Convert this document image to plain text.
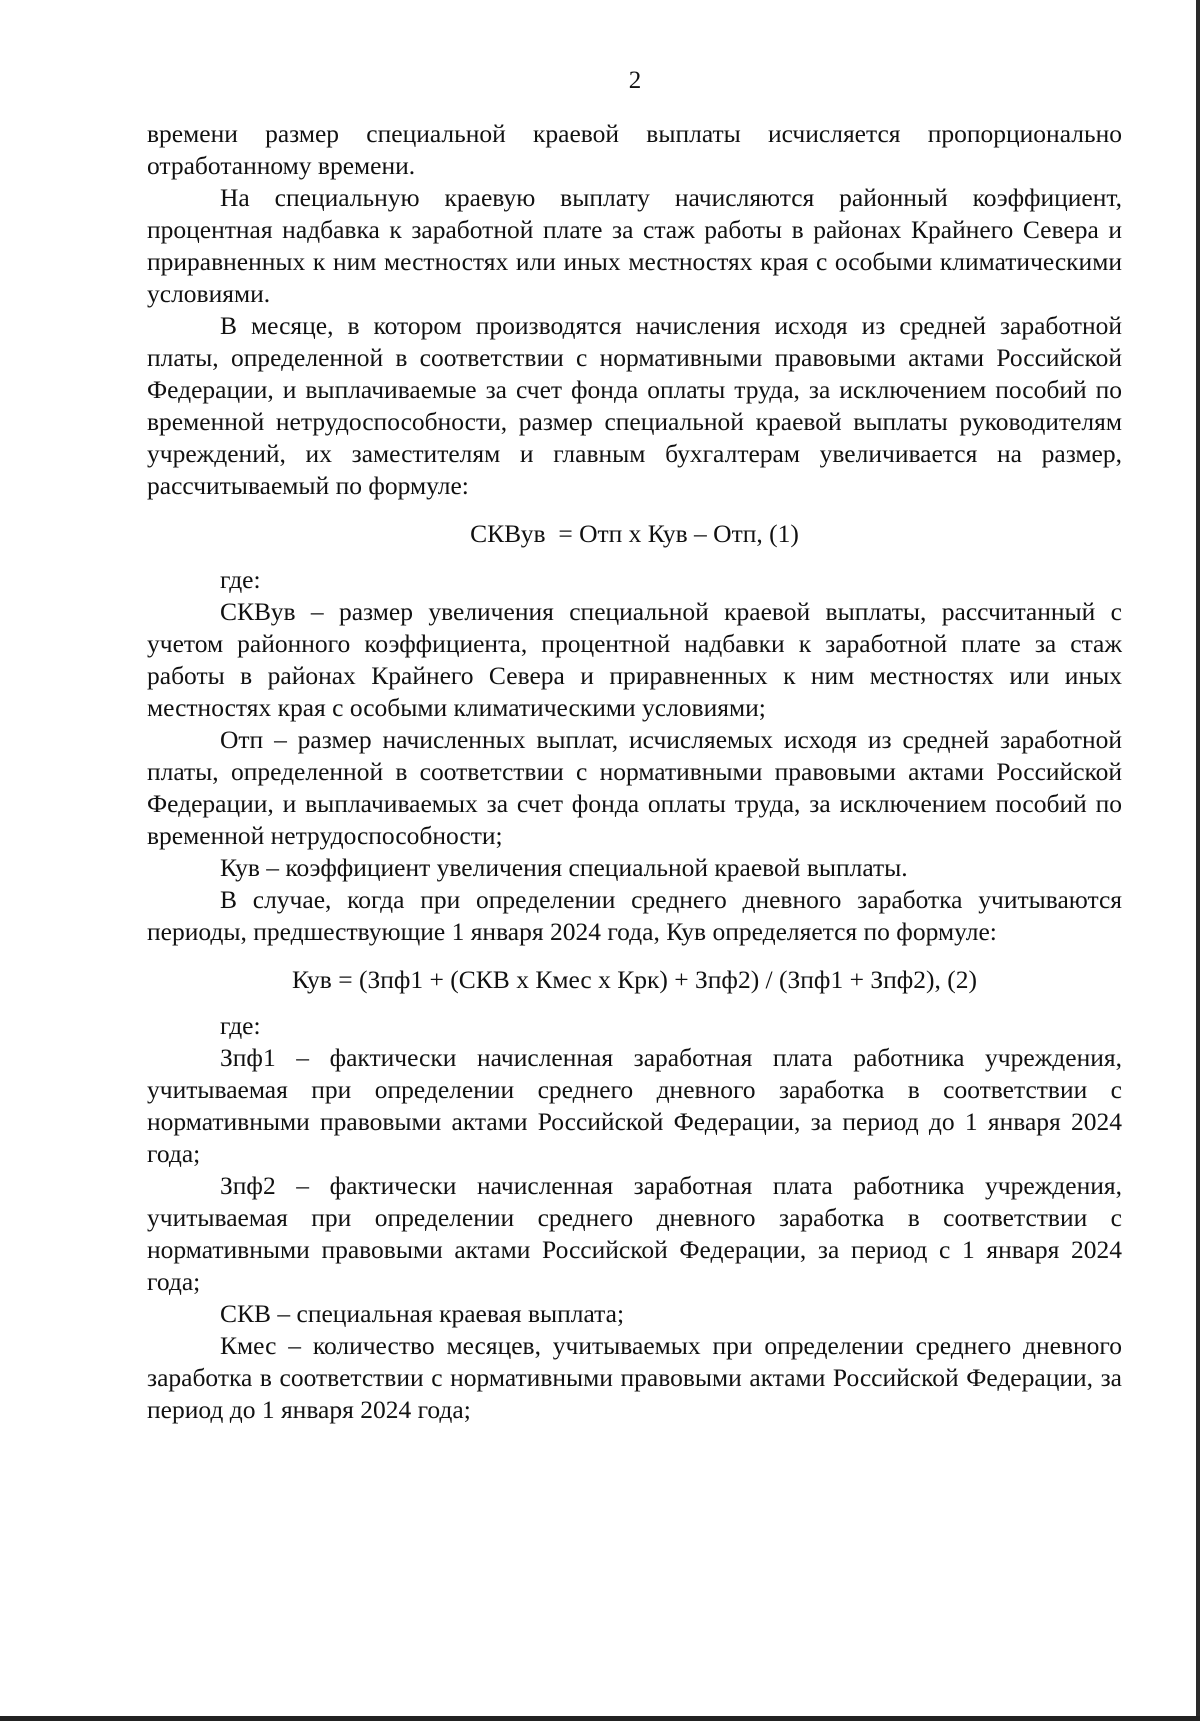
2

времени размер специальной краевой выплаты исчисляется пропорционально отработанному времени.

На специальную краевую выплату начисляются районный коэффициент, процентная надбавка к заработной плате за стаж работы в районах Крайнего Севера и приравненных к ним местностях или иных местностях края с особыми климатическими условиями.

В месяце, в котором производятся начисления исходя из средней заработной платы, определенной в соответствии с нормативными правовыми актами Российской Федерации, и выплачиваемые за счет фонда оплаты труда, за исключением пособий по временной нетрудоспособности, размер специальной краевой выплаты руководителям учреждений, их заместителям и главным бухгалтерам увеличивается на размер, рассчитываемый по формуле:

СКВув  = Отп х Кув – Отп, (1)

где:

СКВув – размер увеличения специальной краевой выплаты, рассчитанный с учетом районного коэффициента, процентной надбавки к заработной плате за стаж работы в районах Крайнего Севера и приравненных к ним местностях или иных местностях края с особыми климатическими условиями;

Отп – размер начисленных выплат, исчисляемых исходя из средней заработной платы, определенной в соответствии с нормативными правовыми актами Российской Федерации, и выплачиваемых за счет фонда оплаты труда, за исключением пособий по временной нетрудоспособности;

Кув – коэффициент увеличения специальной краевой выплаты.

В случае, когда при определении среднего дневного заработка учитываются периоды, предшествующие 1 января 2024 года, Кув определяется по формуле:

Кув = (Зпф1 + (СКВ х Кмес х Крк) + Зпф2) / (Зпф1 + Зпф2), (2)

где:

Зпф1 – фактически начисленная заработная плата работника учреждения, учитываемая при определении среднего дневного заработка в соответствии с нормативными правовыми актами Российской Федерации, за период до 1 января 2024 года;

Зпф2 – фактически начисленная заработная плата работника учреждения, учитываемая при определении среднего дневного заработка в соответствии с нормативными правовыми актами Российской Федерации, за период с 1 января 2024 года;

СКВ – специальная краевая выплата;

Кмес – количество месяцев, учитываемых при определении среднего дневного заработка в соответствии с нормативными правовыми актами Российской Федерации, за период до 1 января 2024 года;
